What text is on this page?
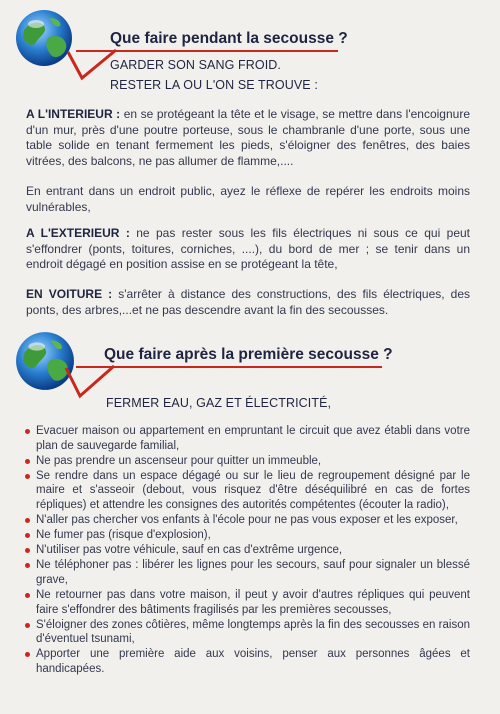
Que faire pendant la secousse ?
GARDER SON SANG FROID.
RESTER LA OU L'ON SE TROUVE :
A L'INTERIEUR : en se protégeant la tête et le visage, se mettre dans l'encoignure d'un mur, près d'une poutre porteuse, sous le chambranle d'une porte, sous une table solide en tenant fermement les pieds, s'éloigner des fenêtres, des baies vitrées, des balcons, ne pas allumer de flamme,....
En entrant dans un endroit public, ayez le réflexe de repérer les endroits moins vulnérables,
A L'EXTERIEUR : ne pas rester sous les fils électriques ni sous ce qui peut s'effondrer (ponts, toitures, corniches, ....), du bord de mer ; se tenir dans un endroit dégagé en position assise en se protégeant la tête,
EN VOITURE : s'arrêter à distance des constructions, des fils électriques, des ponts, des arbres,...et ne pas descendre avant la fin des secousses.
Que faire après la première secousse ?
FERMER EAU, GAZ ET ÉLECTRICITÉ,
Evacuer maison ou appartement en empruntant le circuit que avez établi dans votre plan de sauvegarde familial,
Ne pas prendre un ascenseur pour quitter un immeuble,
Se rendre dans un espace dégagé ou sur le lieu de regroupement désigné par le maire et s'asseoir (debout, vous risquez d'être déséquilibré en cas de fortes répliques) et attendre les consignes des autorités compétentes (écouter la radio),
N'aller pas chercher vos enfants à l'école pour ne pas vous exposer et les exposer,
Ne fumer pas (risque d'explosion),
N'utiliser pas votre véhicule, sauf en cas d'extrême urgence,
Ne téléphoner pas : libérer les lignes pour les secours, sauf pour signaler un blessé grave,
Ne retourner pas dans votre maison, il peut y avoir d'autres répliques qui peuvent faire s'effondrer des bâtiments fragilisés par les premières secousses,
S'éloigner des zones côtières, même longtemps après la fin des secousses en raison d'éventuel tsunami,
Apporter une première aide aux voisins, penser aux personnes âgées et handicapées.
